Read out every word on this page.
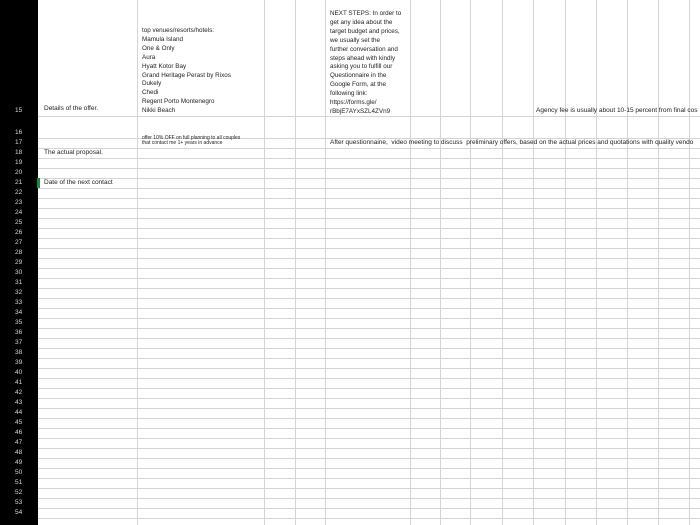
15
16
17
18
19
20
21
22
23
24
25
26
27
28
29
30
31
32
33
34
35
36
37
38
39
40
41
42
43
44
45
46
47
48
49
50
51
52
53
54
Details of the offer.
top venues/resorts/hotels:
Mamula Island
One & Only
Aura
Hyatt Kotor Bay
Grand Heritage Perast by Rixos
Dukely
Chedi
Regent Porto Montenegro
Nikki Beach
NEXT STEPS: In order to
get any idea about the
target budget and prices,
we usually set the
further conversation and
steps ahead with kindly
asking you to fulfill our
Questionnaire in the
Google Form, at the
following link:
https://forms.gle/
rBbjE7AYxSZL4ZVn9	Agency fee is usually about 10-15 percent from final cos
offer 10% OFF on full planning to all couples
that contact me 1+ years in advance	After questionnaine,  video meeting to discuss  preliminary offers, based on the actual prices and quotations with quality vendo
The actual proposal.
Date of the next contact
